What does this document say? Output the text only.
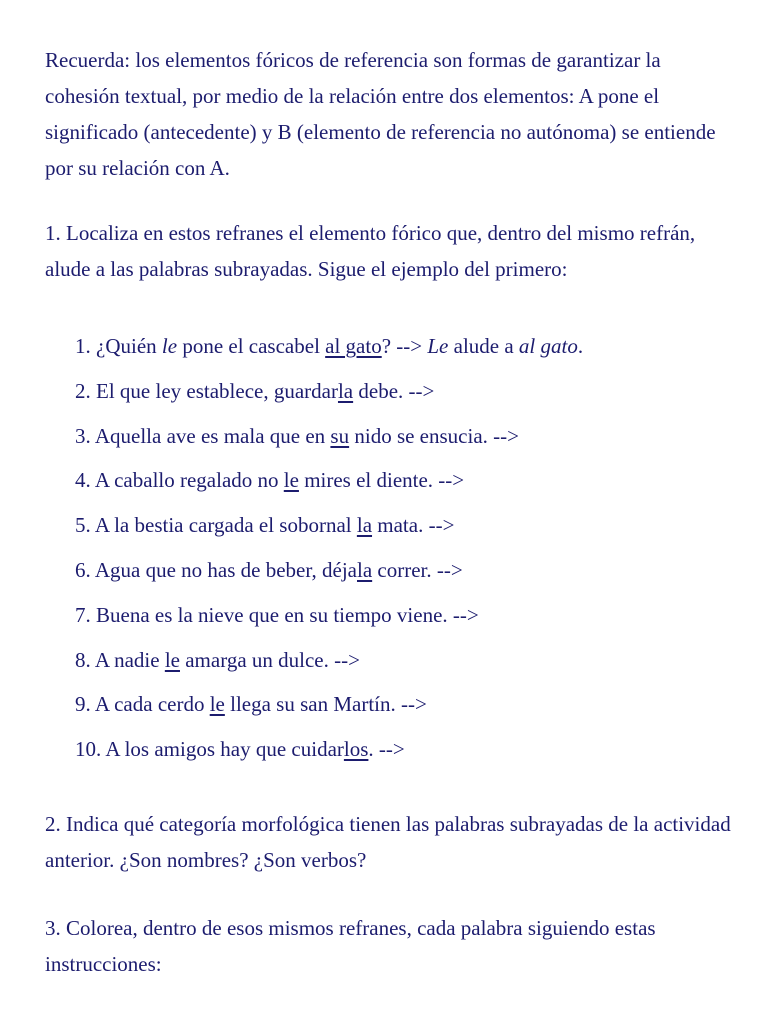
Recuerda: los elementos fóricos de referencia son formas de garantizar la cohesión textual, por medio de la relación entre dos elementos: A pone el significado (antecedente) y B (elemento de referencia no autónoma) se entiende por su relación con A.

1. Localiza en estos refranes el elemento fórico que, dentro del mismo refrán, alude a las palabras subrayadas. Sigue el ejemplo del primero:

1. ¿Quién le pone el cascabel al gato? --> Le alude a al gato.
2. El que ley establece, guardarla debe. -->
3. Aquella ave es mala que en su nido se ensucia. -->
4. A caballo regalado no le mires el diente. -->
5. A la bestia cargada el sobornal la mata. -->
6. Agua que no has de beber, déjala correr. -->
7. Buena es la nieve que en su tiempo viene. -->
8. A nadie le amarga un dulce. -->
9. A cada cerdo le llega su san Martín. -->
10. A los amigos hay que cuidarlos. -->

2. Indica qué categoría morfológica tienen las palabras subrayadas de la actividad anterior. ¿Son nombres? ¿Son verbos?

3. Colorea, dentro de esos mismos refranes, cada palabra siguiendo estas instrucciones:
